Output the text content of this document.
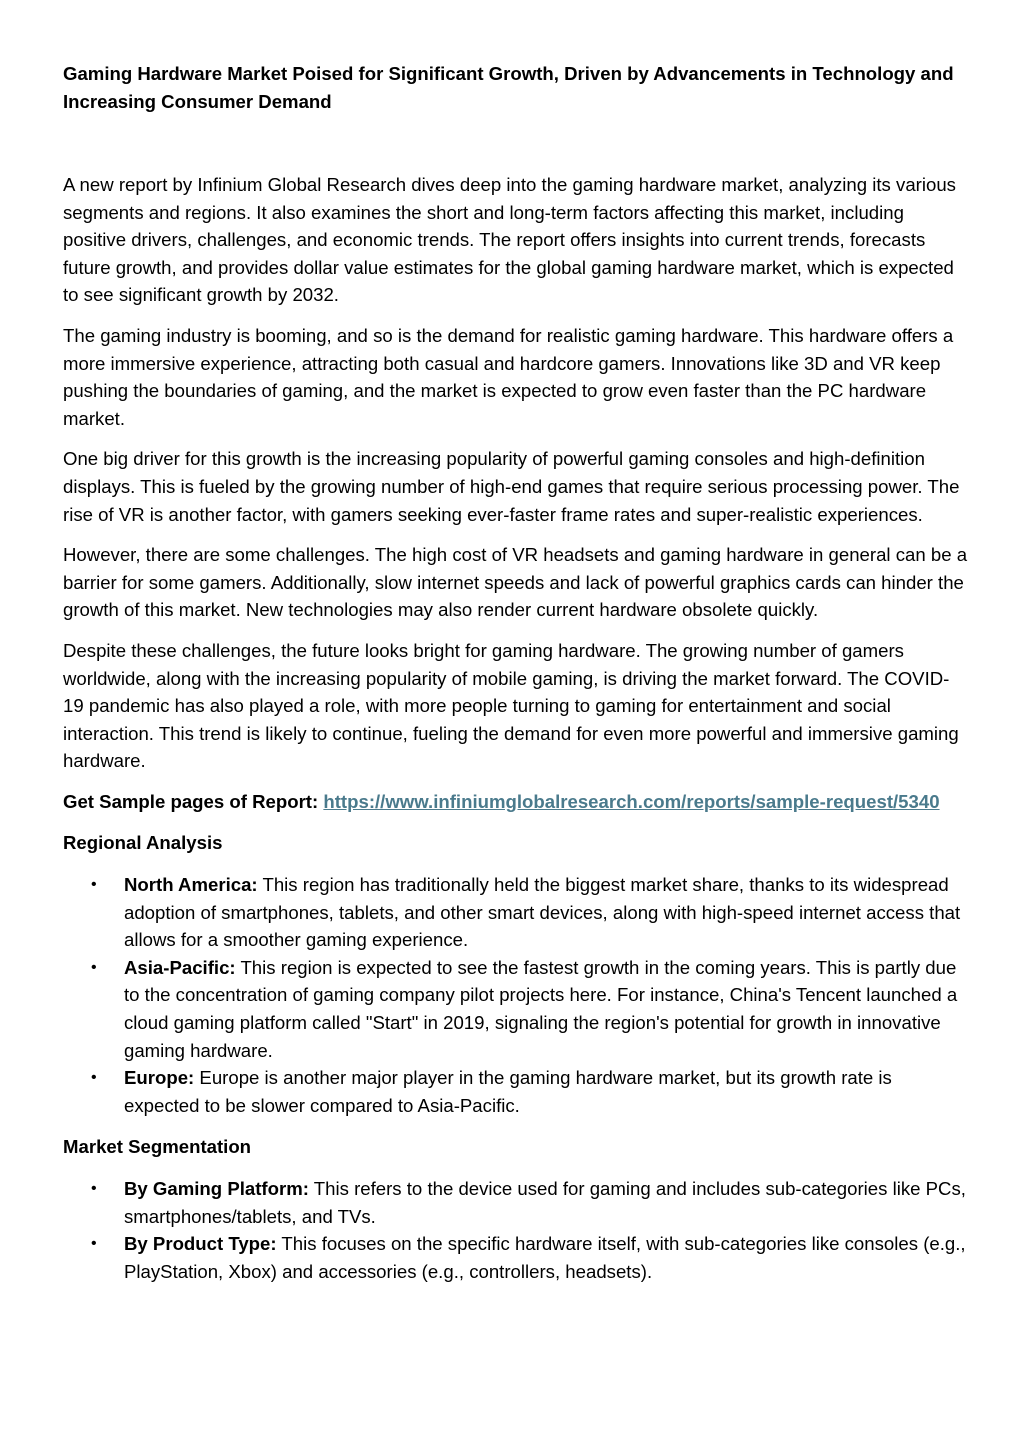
Gaming Hardware Market Poised for Significant Growth, Driven by Advancements in Technology and Increasing Consumer Demand

A new report by Infinium Global Research dives deep into the gaming hardware market, analyzing its various segments and regions. It also examines the short and long-term factors affecting this market, including positive drivers, challenges, and economic trends. The report offers insights into current trends, forecasts future growth, and provides dollar value estimates for the global gaming hardware market, which is expected to see significant growth by 2032.

The gaming industry is booming, and so is the demand for realistic gaming hardware. This hardware offers a more immersive experience, attracting both casual and hardcore gamers. Innovations like 3D and VR keep pushing the boundaries of gaming, and the market is expected to grow even faster than the PC hardware market.

One big driver for this growth is the increasing popularity of powerful gaming consoles and high-definition displays. This is fueled by the growing number of high-end games that require serious processing power. The rise of VR is another factor, with gamers seeking ever-faster frame rates and super-realistic experiences.

However, there are some challenges. The high cost of VR headsets and gaming hardware in general can be a barrier for some gamers. Additionally, slow internet speeds and lack of powerful graphics cards can hinder the growth of this market. New technologies may also render current hardware obsolete quickly.

Despite these challenges, the future looks bright for gaming hardware. The growing number of gamers worldwide, along with the increasing popularity of mobile gaming, is driving the market forward. The COVID-19 pandemic has also played a role, with more people turning to gaming for entertainment and social interaction. This trend is likely to continue, fueling the demand for even more powerful and immersive gaming hardware.

Get Sample pages of Report: https://www.infiniumglobalresearch.com/reports/sample-request/5340

Regional Analysis
• North America: This region has traditionally held the biggest market share, thanks to its widespread adoption of smartphones, tablets, and other smart devices, along with high-speed internet access that allows for a smoother gaming experience.
• Asia-Pacific: This region is expected to see the fastest growth in the coming years. This is partly due to the concentration of gaming company pilot projects here. For instance, China's Tencent launched a cloud gaming platform called "Start" in 2019, signaling the region's potential for growth in innovative gaming hardware.
• Europe: Europe is another major player in the gaming hardware market, but its growth rate is expected to be slower compared to Asia-Pacific.
Market Segmentation
• By Gaming Platform: This refers to the device used for gaming and includes sub-categories like PCs, smartphones/tablets, and TVs.
• By Product Type: This focuses on the specific hardware itself, with sub-categories like consoles (e.g., PlayStation, Xbox) and accessories (e.g., controllers, headsets).
